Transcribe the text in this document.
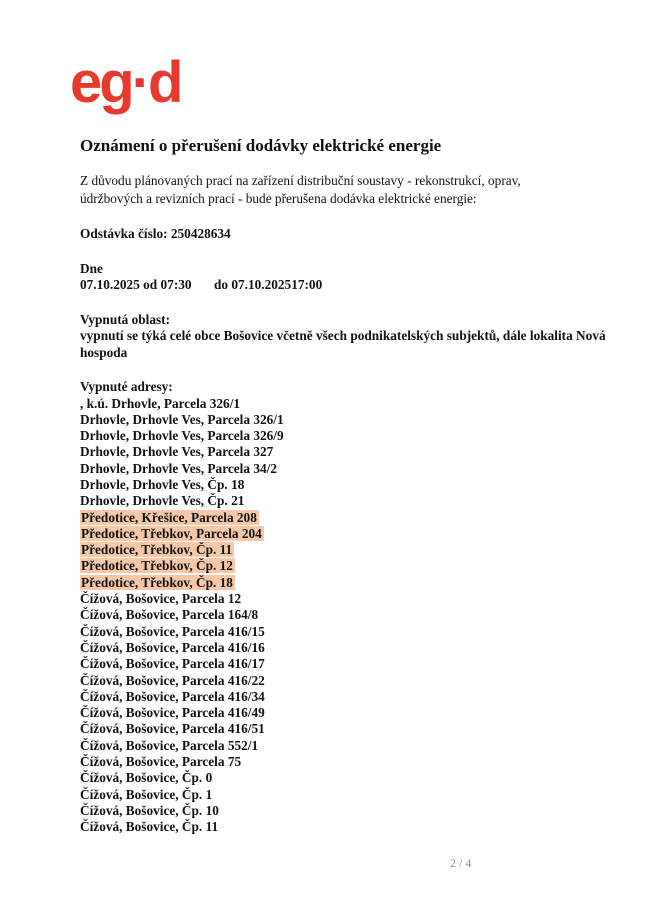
eg·d
Oznámení o přerušení dodávky elektrické energie

Z důvodu plánovaných prací na zařízení distribuční soustavy - rekonstrukcí, oprav,

údržbových a revizních prací - bude přerušena dodávka elektrické energie:

Odstávka číslo: 250428634
Dne
07.10.2025 od 07:30	do 07.10.202517:00
Vypnutá oblast:
vypnutí se týká celé obce Bošovice včetně všech podnikatelských subjektů, dále lokalita Nová hospoda
Vypnuté adresy:
, k.ú. Drhovle, Parcela 326/1
Drhovle, Drhovle Ves, Parcela 326/1
Drhovle, Drhovle Ves, Parcela 326/9
Drhovle, Drhovle Ves, Parcela 327
Drhovle, Drhovle Ves, Parcela 34/2
Drhovle, Drhovle Ves, Čp. 18
Drhovle, Drhovle Ves, Čp. 21
Předotice, Křešice, Parcela 208
Předotice, Třebkov, Parcela 204
Předotice, Třebkov, Čp. 11
Předotice, Třebkov, Čp. 12
Předotice, Třebkov, Čp. 18
Čížová, Bošovice, Parcela 12
Čížová, Bošovice, Parcela 164/8
Čížová, Bošovice, Parcela 416/15
Čížová, Bošovice, Parcela 416/16
Čížová, Bošovice, Parcela 416/17
Čížová, Bošovice, Parcela 416/22
Čížová, Bošovice, Parcela 416/34
Čížová, Bošovice, Parcela 416/49
Čížová, Bošovice, Parcela 416/51
Čížová, Bošovice, Parcela 552/1
Čížová, Bošovice, Parcela 75
Čížová, Bošovice, Čp. 0
Čížová, Bošovice, Čp. 1
Čížová, Bošovice, Čp. 10
Čížová, Bošovice, Čp. 11
2 / 4
